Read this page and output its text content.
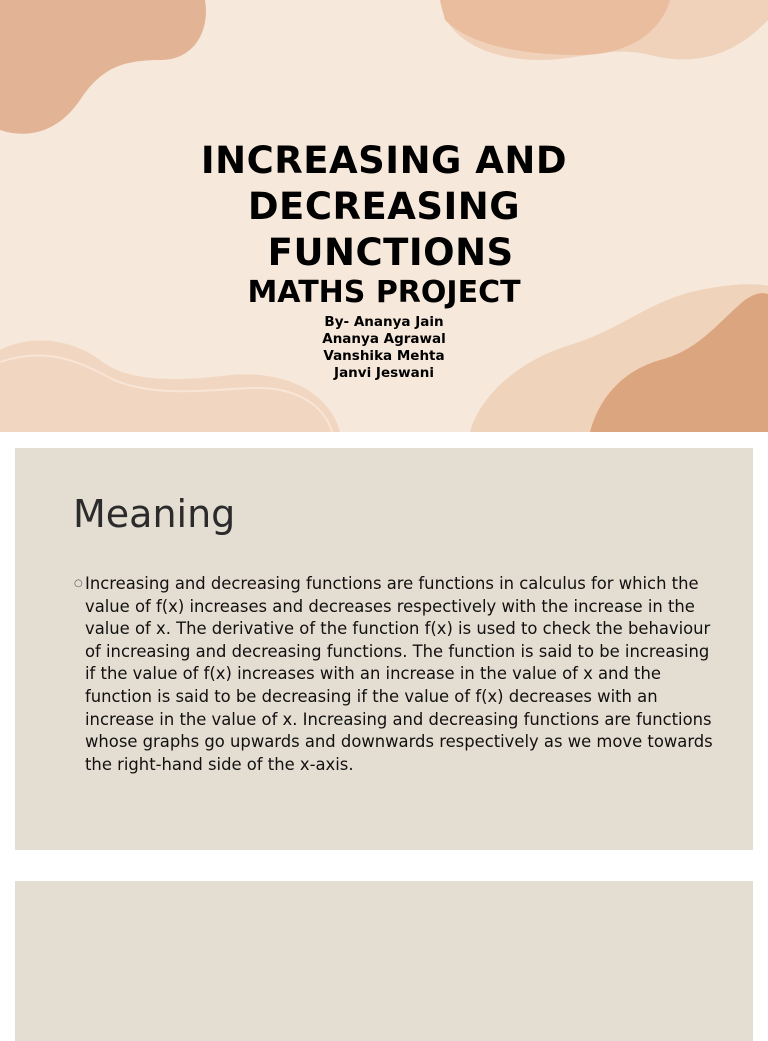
INCREASING AND
DECREASING
FUNCTIONS
MATHS PROJECT
By- Ananya Jain
Ananya Agrawal
Vanshika Mehta
Janvi Jeswani
Meaning
○ Increasing and decreasing functions are functions in calculus for which the value of f(x) increases and decreases respectively with the increase in the value of x. The derivative of the function f(x) is used to check the behaviour of increasing and decreasing functions. The function is said to be increasing if the value of f(x) increases with an increase in the value of x and the function is said to be decreasing if the value of f(x) decreases with an increase in the value of x. Increasing and decreasing functions are functions whose graphs go upwards and downwards respectively as we move towards the right-hand side of the x-axis.
